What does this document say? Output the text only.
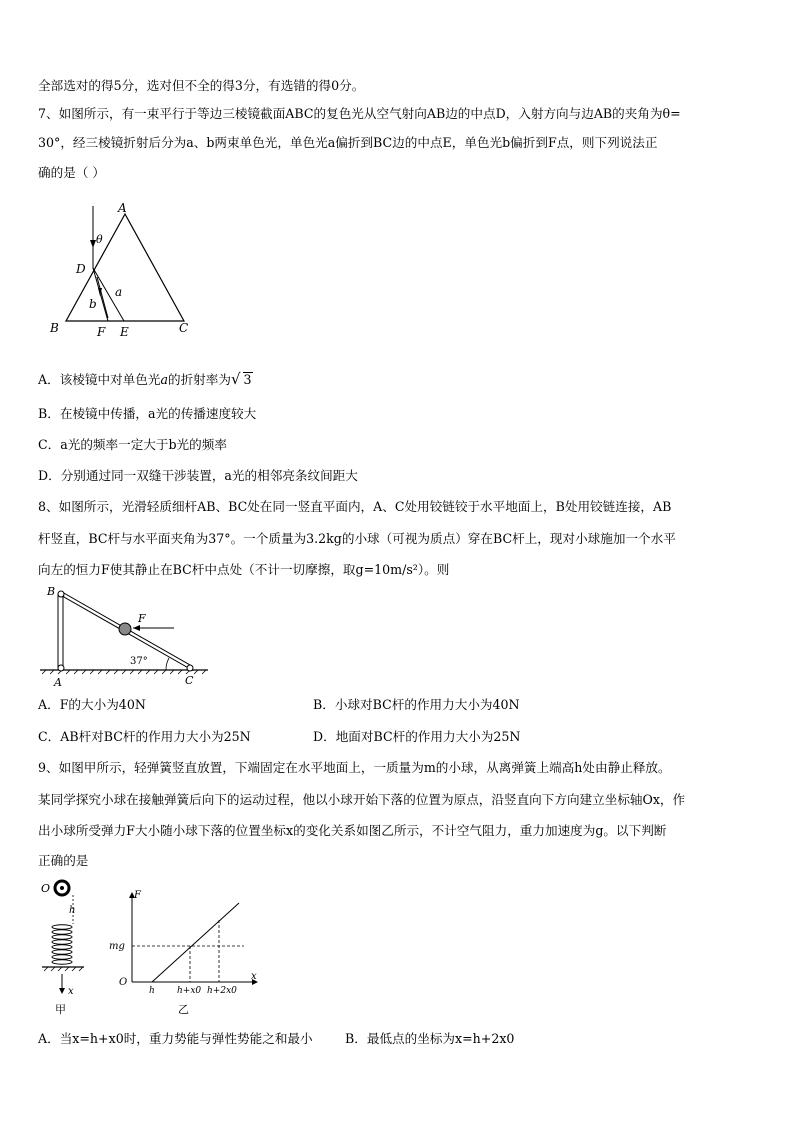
全部选对的得5分，选对但不全的得3分，有选错的得0分。
7、如图所示，有一束平行于等边三棱镜截面ABC的复色光从空气射向AB边的中点D，入射方向与边AB的夹角为θ=
30°，经三棱镜折射后分为a、b两束单色光，单色光a偏折到BC边的中点E，单色光b偏折到F点，则下列说法正
确的是（ ）
A
θ
D
b
a
B	F E	C
A．该棱镜中对单色光a的折射率为√ 3
B．在棱镜中传播，a光的传播速度较大
C．a光的频率一定大于b光的频率
D．分别通过同一双缝干涉装置，a光的相邻亮条纹间距大
8、如图所示，光滑轻质细杆AB、BC处在同一竖直平面内，A、C处用铰链铰于水平地面上，B处用铰链连接，AB
杆竖直，BC杆与水平面夹角为37°。一个质量为3.2kg的小球（可视为质点）穿在BC杆上，现对小球施加一个水平
向左的恒力F使其静止在BC杆中点处（不计一切摩擦，取g=10m/s²）。则
B
F
37°
A	C
A．F的大小为40N	B．小球对BC杆的作用力大小为40N
C．AB杆对BC杆的作用力大小为25N	D．地面对BC杆的作用力大小为25N
9、如图甲所示，轻弹簧竖直放置，下端固定在水平地面上，一质量为m的小球，从离弹簧上端高h处由静止释放。
某同学探究小球在接触弹簧后向下的运动过程，他以小球开始下落的位置为原点，沿竖直向下方向建立坐标轴Ox，作
出小球所受弹力F大小随小球下落的位置坐标x的变化关系如图乙所示，不计空气阻力，重力加速度为g。以下判断
正确的是
O
h
x
甲
F
mg
O
h h+x0 h+2x0
x
乙
A．当x=h+x0时，重力势能与弹性势能之和最小	B．最低点的坐标为x=h+2x0
